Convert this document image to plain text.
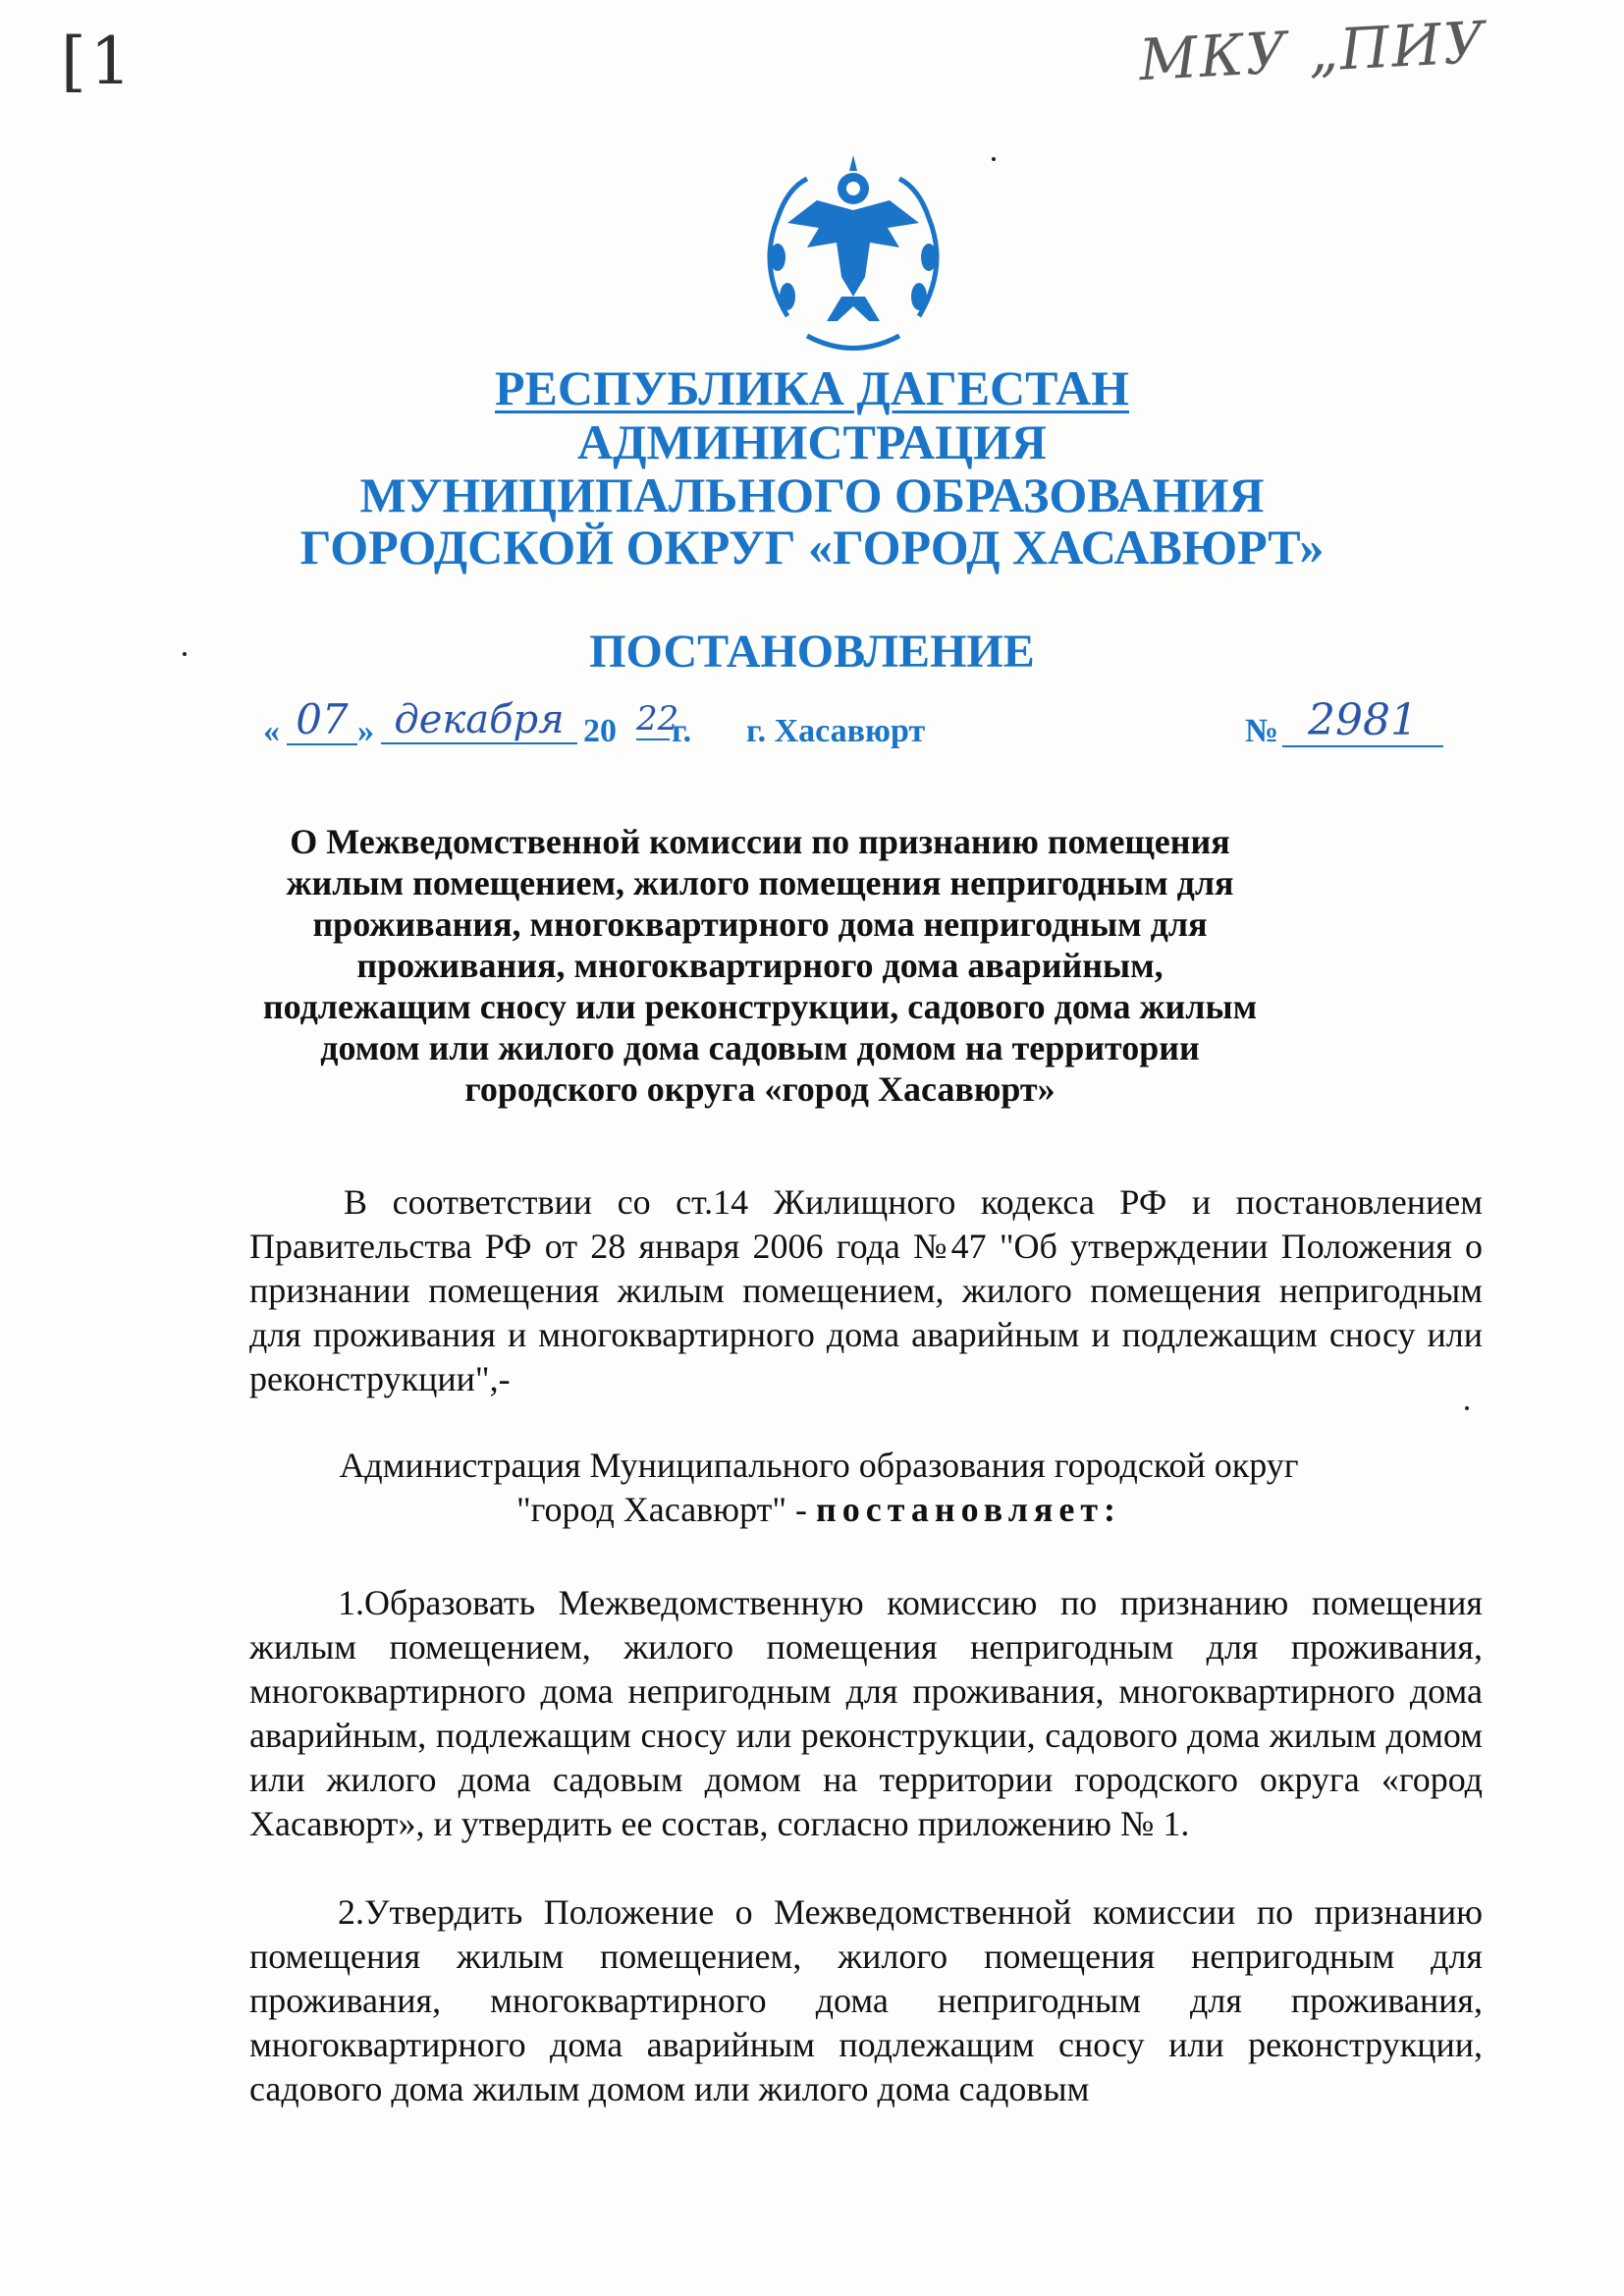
[1	МКУ „ПИУ
РЕСПУБЛИКА ДАГЕСТАН
АДМИНИСТРАЦИЯ
МУНИЦИПАЛЬНОГО ОБРАЗОВАНИЯ
ГОРОДСКОЙ ОКРУГ «ГОРОД ХАСАВЮРТ»
ПОСТАНОВЛЕНИЕ
« 07 » декабря 20 22
г. г. Хасавюрт	№ 2981
О Межведомственной комиссии по признанию помещения жилым помещением, жилого помещения непригодным для проживания, многоквартирного дома непригодным для проживания, многоквартирного дома аварийным, подлежащим сносу или реконструкции, садового дома жилым домом или жилого дома садовым домом на территории городского округа «город Хасавюрт»
В соответствии со ст.14 Жилищного кодекса РФ и постановлением Правительства РФ от 28 января 2006 года №47 "Об утверждении Положения о признании помещения жилым помещением, жилого помещения непригодным для проживания и многоквартирного дома аварийным и подлежащим сносу или реконструкции",-
Администрация Муниципального образования городской округ
"город Хасавюрт" - постановляет:
1.Образовать Межведомственную комиссию по признанию помещения жилым помещением, жилого помещения непригодным для проживания, многоквартирного дома непригодным для проживания, многоквартирного дома аварийным, подлежащим сносу или реконструкции, садового дома жилым домом или жилого дома садовым домом на территории городского округа «город Хасавюрт», и утвердить ее состав, согласно приложению № 1.
2.Утвердить Положение о Межведомственной комиссии по признанию помещения жилым помещением, жилого помещения непригодным для проживания, многоквартирного дома непригодным для проживания, многоквартирного дома аварийным подлежащим сносу или реконструкции, садового дома жилым домом или жилого дома садовым
